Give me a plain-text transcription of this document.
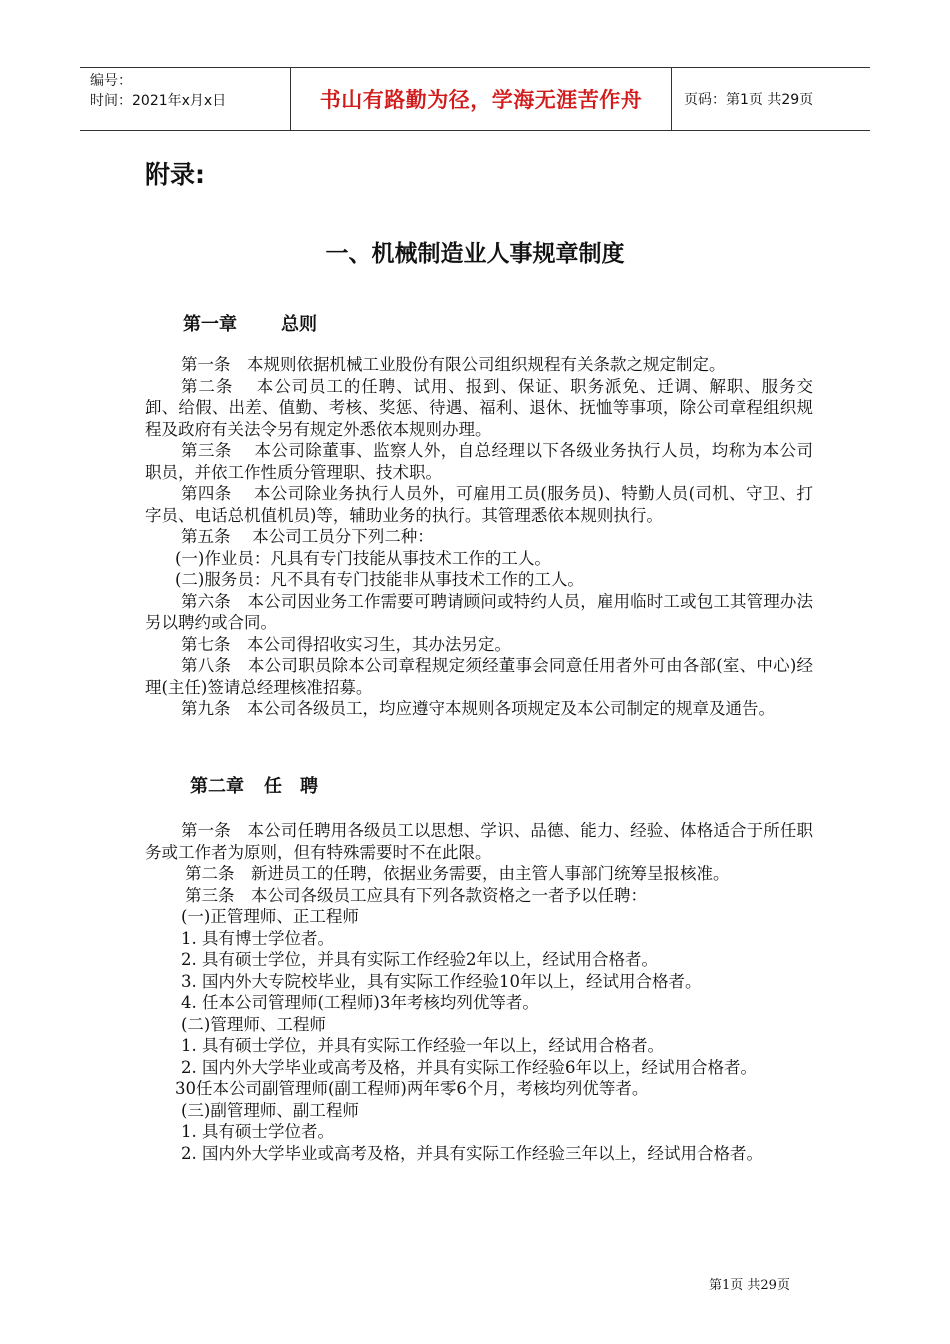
编号：
时间：2021年x月x日	书山有路勤为径，学海无涯苦作舟	页码：第1页 共29页
附录:
一、机械制造业人事规章制度
第一章 总则

第一条　本规则依据机械工业股份有限公司组织规程有关条款之规定制定。

第二条　 本公司员工的任聘、试用、报到、保证、职务派免、迁调、解职、服务交卸、给假、出差、值勤、考核、奖惩、待遇、福利、退休、抚恤等事项，除公司章程组织规程及政府有关法令另有规定外悉依本规则办理。

第三条　 本公司除董事、监察人外，自总经理以下各级业务执行人员，均称为本公司职员，并依工作性质分管理职、技术职。

第四条　 本公司除业务执行人员外，可雇用工员(服务员)、特勤人员(司机、守卫、打字员、电话总机值机员)等，辅助业务的执行。其管理悉依本规则执行。

第五条　 本公司工员分下列二种：

(一)作业员：凡具有专门技能从事技术工作的工人。

(二)服务员：凡不具有专门技能非从事技术工作的工人。

第六条　本公司因业务工作需要可聘请顾问或特约人员，雇用临时工或包工其管理办法另以聘约或合同。

第七条　本公司得招收实习生，其办法另定。

第八条　本公司职员除本公司章程规定须经董事会同意任用者外可由各部(室、中心)经理(主任)签请总经理核准招募。

第九条　本公司各级员工，均应遵守本规则各项规定及本公司制定的规章及通告。

第二章 任　聘

第一条　本公司任聘用各级员工以思想、学识、品德、能力、经验、体格适合于所任职务或工作者为原则，但有特殊需要时不在此限。

第二条　新进员工的任聘，依据业务需要，由主管人事部门统筹呈报核准。

第三条　本公司各级员工应具有下列各款资格之一者予以任聘：

(一)正管理师、正工程师

1. 具有博士学位者。

2. 具有硕士学位，并具有实际工作经验2年以上，经试用合格者。

3. 国内外大专院校毕业，具有实际工作经验10年以上，经试用合格者。

4. 任本公司管理师(工程师)3年考核均列优等者。

(二)管理师、工程师

1. 具有硕士学位，并具有实际工作经验一年以上，经试用合格者。

2. 国内外大学毕业或高考及格，并具有实际工作经验6年以上，经试用合格者。

30任本公司副管理师(副工程师)两年零6个月，考核均列优等者。

(三)副管理师、副工程师

1. 具有硕士学位者。

2. 国内外大学毕业或高考及格，并具有实际工作经验三年以上，经试用合格者。

第1页 共29页
